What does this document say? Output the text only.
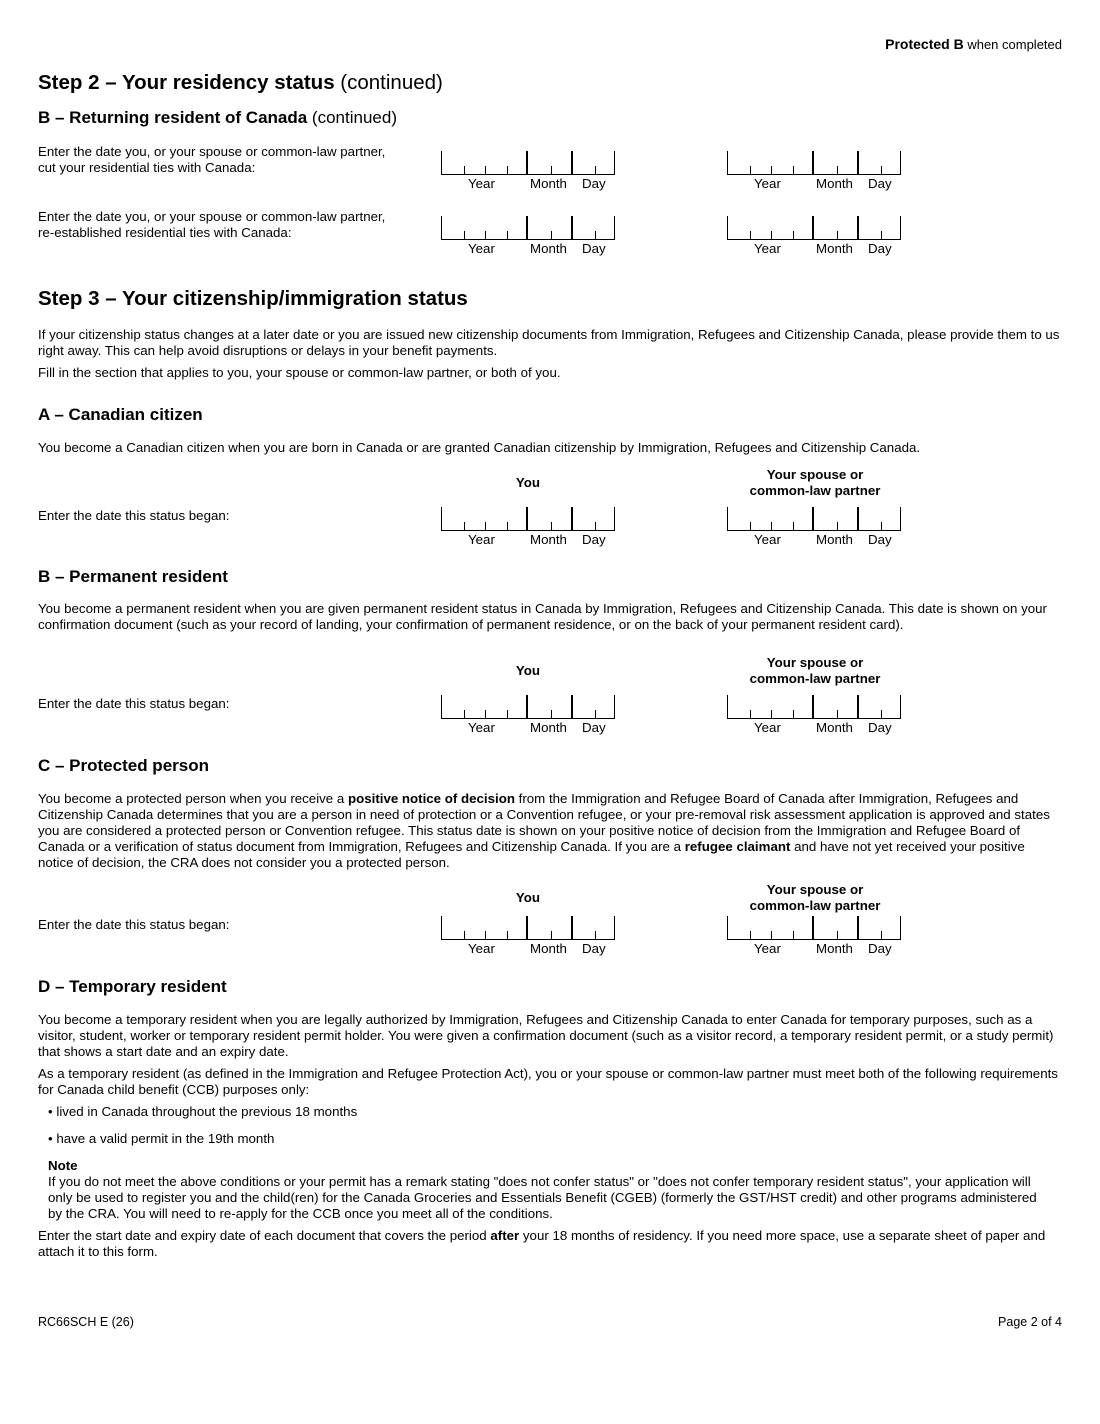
Protected B when completed
Step 2 – Your residency status (continued)
B – Returning resident of Canada (continued)
Enter the date you, or your spouse or common-law partner,
cut your residential ties with Canada:
Year	Month Day	Year	Month Day
Enter the date you, or your spouse or common-law partner,
re-established residential ties with Canada:
Year	Month Day	Year	Month Day
Step 3 – Your citizenship/immigration status

If your citizenship status changes at a later date or you are issued new citizenship documents from Immigration, Refugees and Citizenship Canada, please provide them to us right away. This can help avoid disruptions or delays in your benefit payments.

Fill in the section that applies to you, your spouse or common-law partner, or both of you.

A – Canadian citizen

You become a Canadian citizen when you are born in Canada or are granted Canadian citizenship by Immigration, Refugees and Citizenship Canada.

You
Your spouse or
common-law partner
Enter the date this status began:
Year	Month Day	Year	Month Day
B – Permanent resident

You become a permanent resident when you are given permanent resident status in Canada by Immigration, Refugees and Citizenship Canada. This date is shown on your confirmation document (such as your record of landing, your confirmation of permanent residence, or on the back of your permanent resident card).

You
Your spouse or
common-law partner
Enter the date this status began:
Year	Month Day	Year	Month Day
C – Protected person

You become a protected person when you receive a positive notice of decision from the Immigration and Refugee Board of Canada after Immigration, Refugees and Citizenship Canada determines that you are a person in need of protection or a Convention refugee, or your pre-removal risk assessment application is approved and states you are considered a protected person or Convention refugee. This status date is shown on your positive notice of decision from the Immigration and Refugee Board of Canada or a verification of status document from Immigration, Refugees and Citizenship Canada. If you are a refugee claimant and have not yet received your positive notice of decision, the CRA does not consider you a protected person.

You
Your spouse or
common-law partner
Enter the date this status began:
Year	Month Day	Year	Month Day
D – Temporary resident

You become a temporary resident when you are legally authorized by Immigration, Refugees and Citizenship Canada to enter Canada for temporary purposes, such as a visitor, student, worker or temporary resident permit holder. You were given a confirmation document (such as a visitor record, a temporary resident permit, or a study permit) that shows a start date and an expiry date.

As a temporary resident (as defined in the Immigration and Refugee Protection Act), you or your spouse or common-law partner must meet both of the following requirements for Canada child benefit (CCB) purposes only:

• lived in Canada throughout the previous 18 months
• have a valid permit in the 19th month
Note

If you do not meet the above conditions or your permit has a remark stating "does not confer status" or "does not confer temporary resident status", your application will only be used to register you and the child(ren) for the Canada Groceries and Essentials Benefit (CGEB) (formerly the GST/HST credit) and other programs administered by the CRA. You will need to re-apply for the CCB once you meet all of the conditions.

Enter the start date and expiry date of each document that covers the period after your 18 months of residency. If you need more space, use a separate sheet of paper and attach it to this form.

RC66SCH E (26)	Page 2 of 4
